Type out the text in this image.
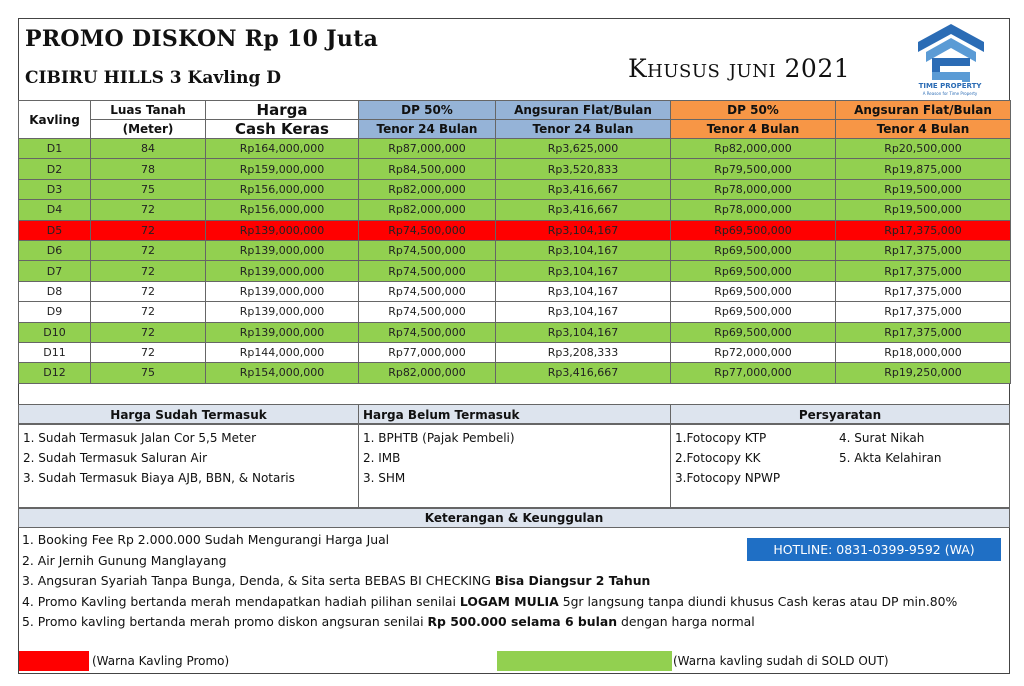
PROMO DISKON Rp 10 Juta
CIBIRU HILLS 3 Kavling D	Khusus juni 2021
TIME PROPERTY
A Reason for Time Property
Kavling	Luas Tanah	Harga	DP 50%	Angsuran Flat/Bulan	DP 50%	Angsuran Flat/Bulan
	(Meter)	Cash Keras	Tenor 24 Bulan	Tenor 24 Bulan	Tenor 4 Bulan	Tenor 4 Bulan
D1	84	Rp164,000,000	Rp87,000,000	Rp3,625,000	Rp82,000,000	Rp20,500,000
D2	78	Rp159,000,000	Rp84,500,000	Rp3,520,833	Rp79,500,000	Rp19,875,000
D3	75	Rp156,000,000	Rp82,000,000	Rp3,416,667	Rp78,000,000	Rp19,500,000
D4	72	Rp156,000,000	Rp82,000,000	Rp3,416,667	Rp78,000,000	Rp19,500,000
D5	72	Rp139,000,000	Rp74,500,000	Rp3,104,167	Rp69,500,000	Rp17,375,000
D6	72	Rp139,000,000	Rp74,500,000	Rp3,104,167	Rp69,500,000	Rp17,375,000
D7	72	Rp139,000,000	Rp74,500,000	Rp3,104,167	Rp69,500,000	Rp17,375,000
D8	72	Rp139,000,000	Rp74,500,000	Rp3,104,167	Rp69,500,000	Rp17,375,000
D9	72	Rp139,000,000	Rp74,500,000	Rp3,104,167	Rp69,500,000	Rp17,375,000
D10	72	Rp139,000,000	Rp74,500,000	Rp3,104,167	Rp69,500,000	Rp17,375,000
D11	72	Rp144,000,000	Rp77,000,000	Rp3,208,333	Rp72,000,000	Rp18,000,000
D12	75	Rp154,000,000	Rp82,000,000	Rp3,416,667	Rp77,000,000	Rp19,250,000
Harga Sudah Termasuk	Harga Belum Termasuk	Persyaratan
1. Sudah Termasuk Jalan Cor 5,5 Meter
2. Sudah Termasuk Saluran Air
3. Sudah Termasuk Biaya AJB, BBN, & Notaris
1. BPHTB (Pajak Pembeli)
2. IMB
3. SHM
1.Fotocopy KTP
2.Fotocopy KK
3.Fotocopy NPWP
4. Surat Nikah
5. Akta Kelahiran
Keterangan & Keunggulan
1. Booking Fee Rp 2.000.000 Sudah Mengurangi Harga Jual
2. Air Jernih Gunung Manglayang
3. Angsuran Syariah Tanpa Bunga, Denda, & Sita serta BEBAS BI CHECKING Bisa Diangsur 2 Tahun
4. Promo Kavling bertanda merah mendapatkan hadiah pilihan senilai LOGAM MULIA 5gr langsung tanpa diundi khusus Cash keras atau DP min.80%
5. Promo kavling bertanda merah promo diskon angsuran senilai Rp 500.000 selama 6 bulan dengan harga normal
HOTLINE: 0831-0399-9592 (WA)
(Warna Kavling Promo)	(Warna kavling sudah di SOLD OUT)
